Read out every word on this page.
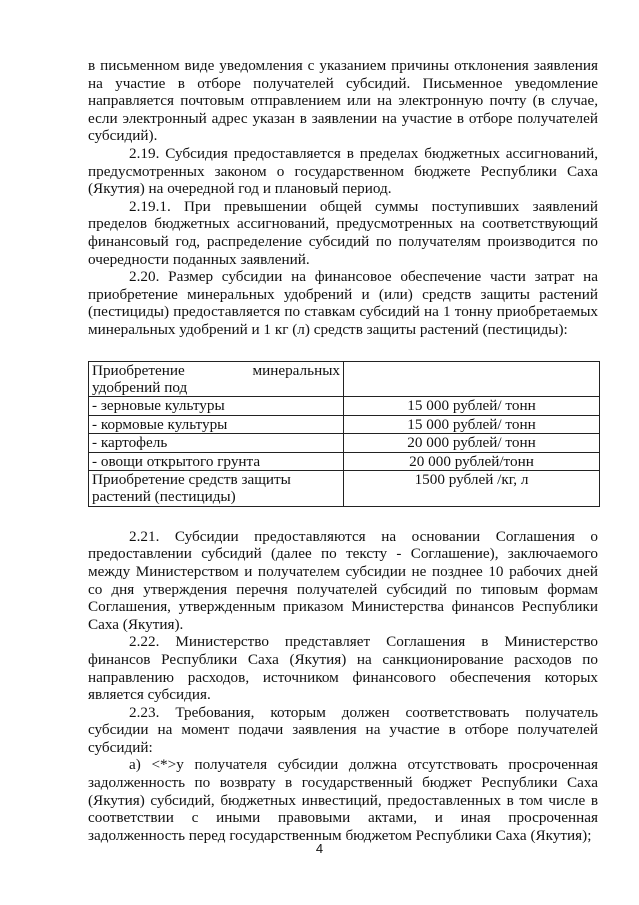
в письменном виде уведомления с указанием причины отклонения заявления на участие в отборе получателей субсидий. Письменное уведомление направляется почтовым отправлением или на электронную почту (в случае, если электронный адрес указан в заявлении на участие в отборе получателей субсидий).

2.19. Субсидия предоставляется в пределах бюджетных ассигнований, предусмотренных законом о государственном бюджете Республики Саха (Якутия) на очередной год и плановый период.

2.19.1. При превышении общей суммы поступивших заявлений пределов бюджетных ассигнований, предусмотренных на соответствующий финансовый год, распределение субсидий по получателям производится по очередности поданных заявлений.

2.20. Размер субсидии на финансовое обеспечение части затрат на приобретение минеральных удобрений и (или) средств защиты растений (пестициды) предоставляется по ставкам субсидий на 1 тонну приобретаемых минеральных удобрений и 1 кг (л) средств защиты растений (пестициды):

Приобретение минеральных удобрений под	
- зерновые культуры	15 000 рублей/ тонн
- кормовые культуры	15 000 рублей/ тонн
- картофель	20 000 рублей/ тонн
- овощи открытого грунта	20 000 рублей/тонн
Приобретение средств защиты растений (пестициды)	1500 рублей /кг, л

2.21. Субсидии предоставляются на основании Соглашения о предоставлении субсидий (далее по тексту - Соглашение), заключаемого между Министерством и получателем субсидии не позднее 10 рабочих дней со дня утверждения перечня получателей субсидий по типовым формам Соглашения, утвержденным приказом Министерства финансов Республики Саха (Якутия).

2.22. Министерство представляет Соглашения в Министерство финансов Республики Саха (Якутия) на санкционирование расходов по направлению расходов, источником финансового обеспечения которых является субсидия.

2.23. Требования, которым должен соответствовать получатель субсидии на момент подачи заявления на участие в отборе получателей субсидий:

а) <*>у получателя субсидии должна отсутствовать просроченная задолженность по возврату в государственный бюджет Республики Саха (Якутия) субсидий, бюджетных инвестиций, предоставленных в том числе в соответствии с иными правовыми актами, и иная просроченная задолженность перед государственным бюджетом Республики Саха (Якутия);

4
